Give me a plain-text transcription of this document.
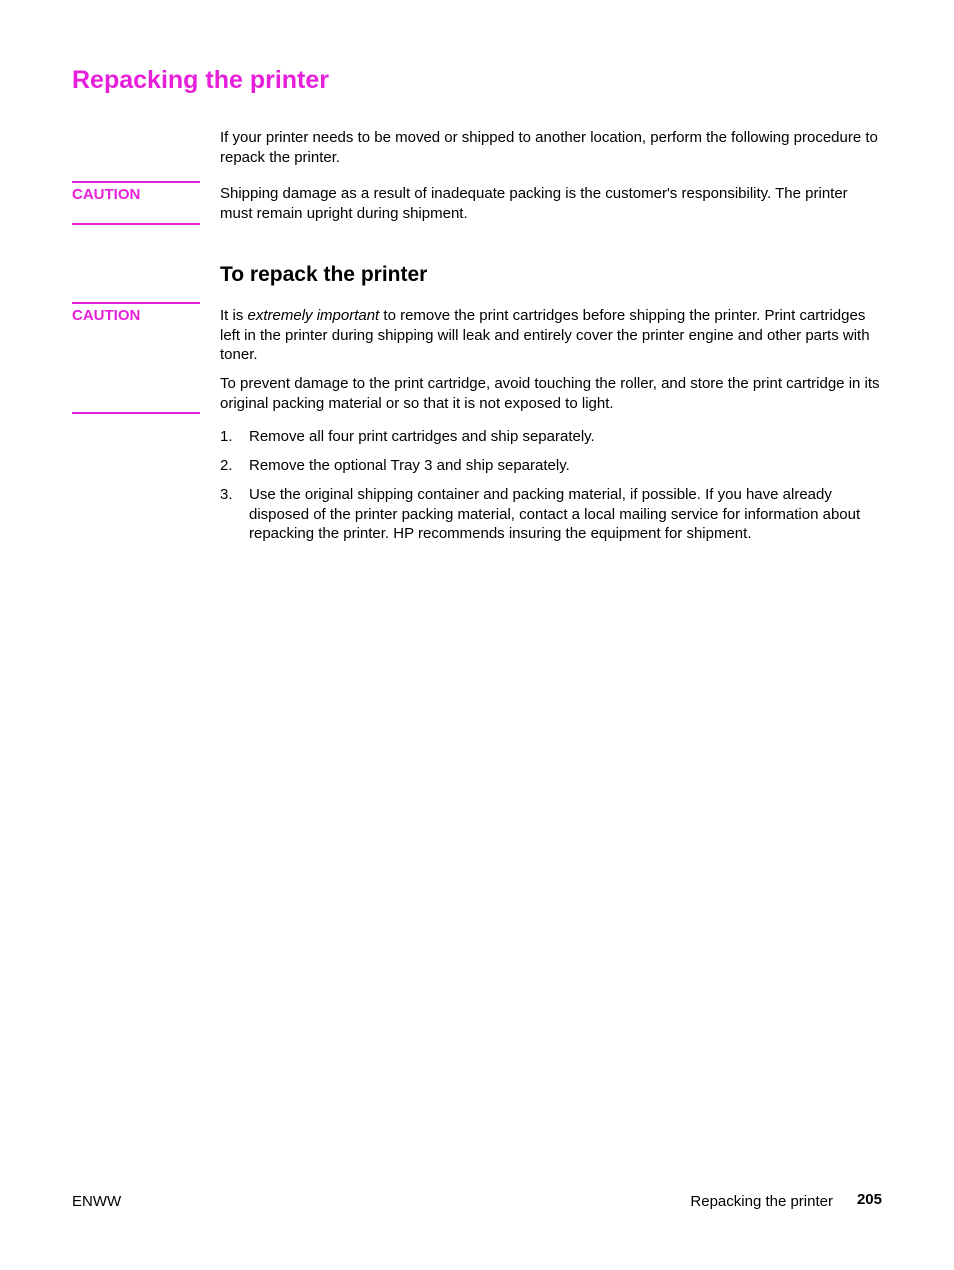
Repacking the printer
If your printer needs to be moved or shipped to another location, perform the following procedure to repack the printer.
CAUTION	Shipping damage as a result of inadequate packing is the customer's responsibility. The printer must remain upright during shipment.
To repack the printer
CAUTION	It is extremely important to remove the print cartridges before shipping the printer. Print cartridges left in the printer during shipping will leak and entirely cover the printer engine and other parts with toner.
To prevent damage to the print cartridge, avoid touching the roller, and store the print cartridge in its original packing material or so that it is not exposed to light.
1. Remove all four print cartridges and ship separately.
2. Remove the optional Tray 3 and ship separately.
3. Use the original shipping container and packing material, if possible. If you have already disposed of the printer packing material, contact a local mailing service for information about repacking the printer. HP recommends insuring the equipment for shipment.
ENWW	Repacking the printer 205
